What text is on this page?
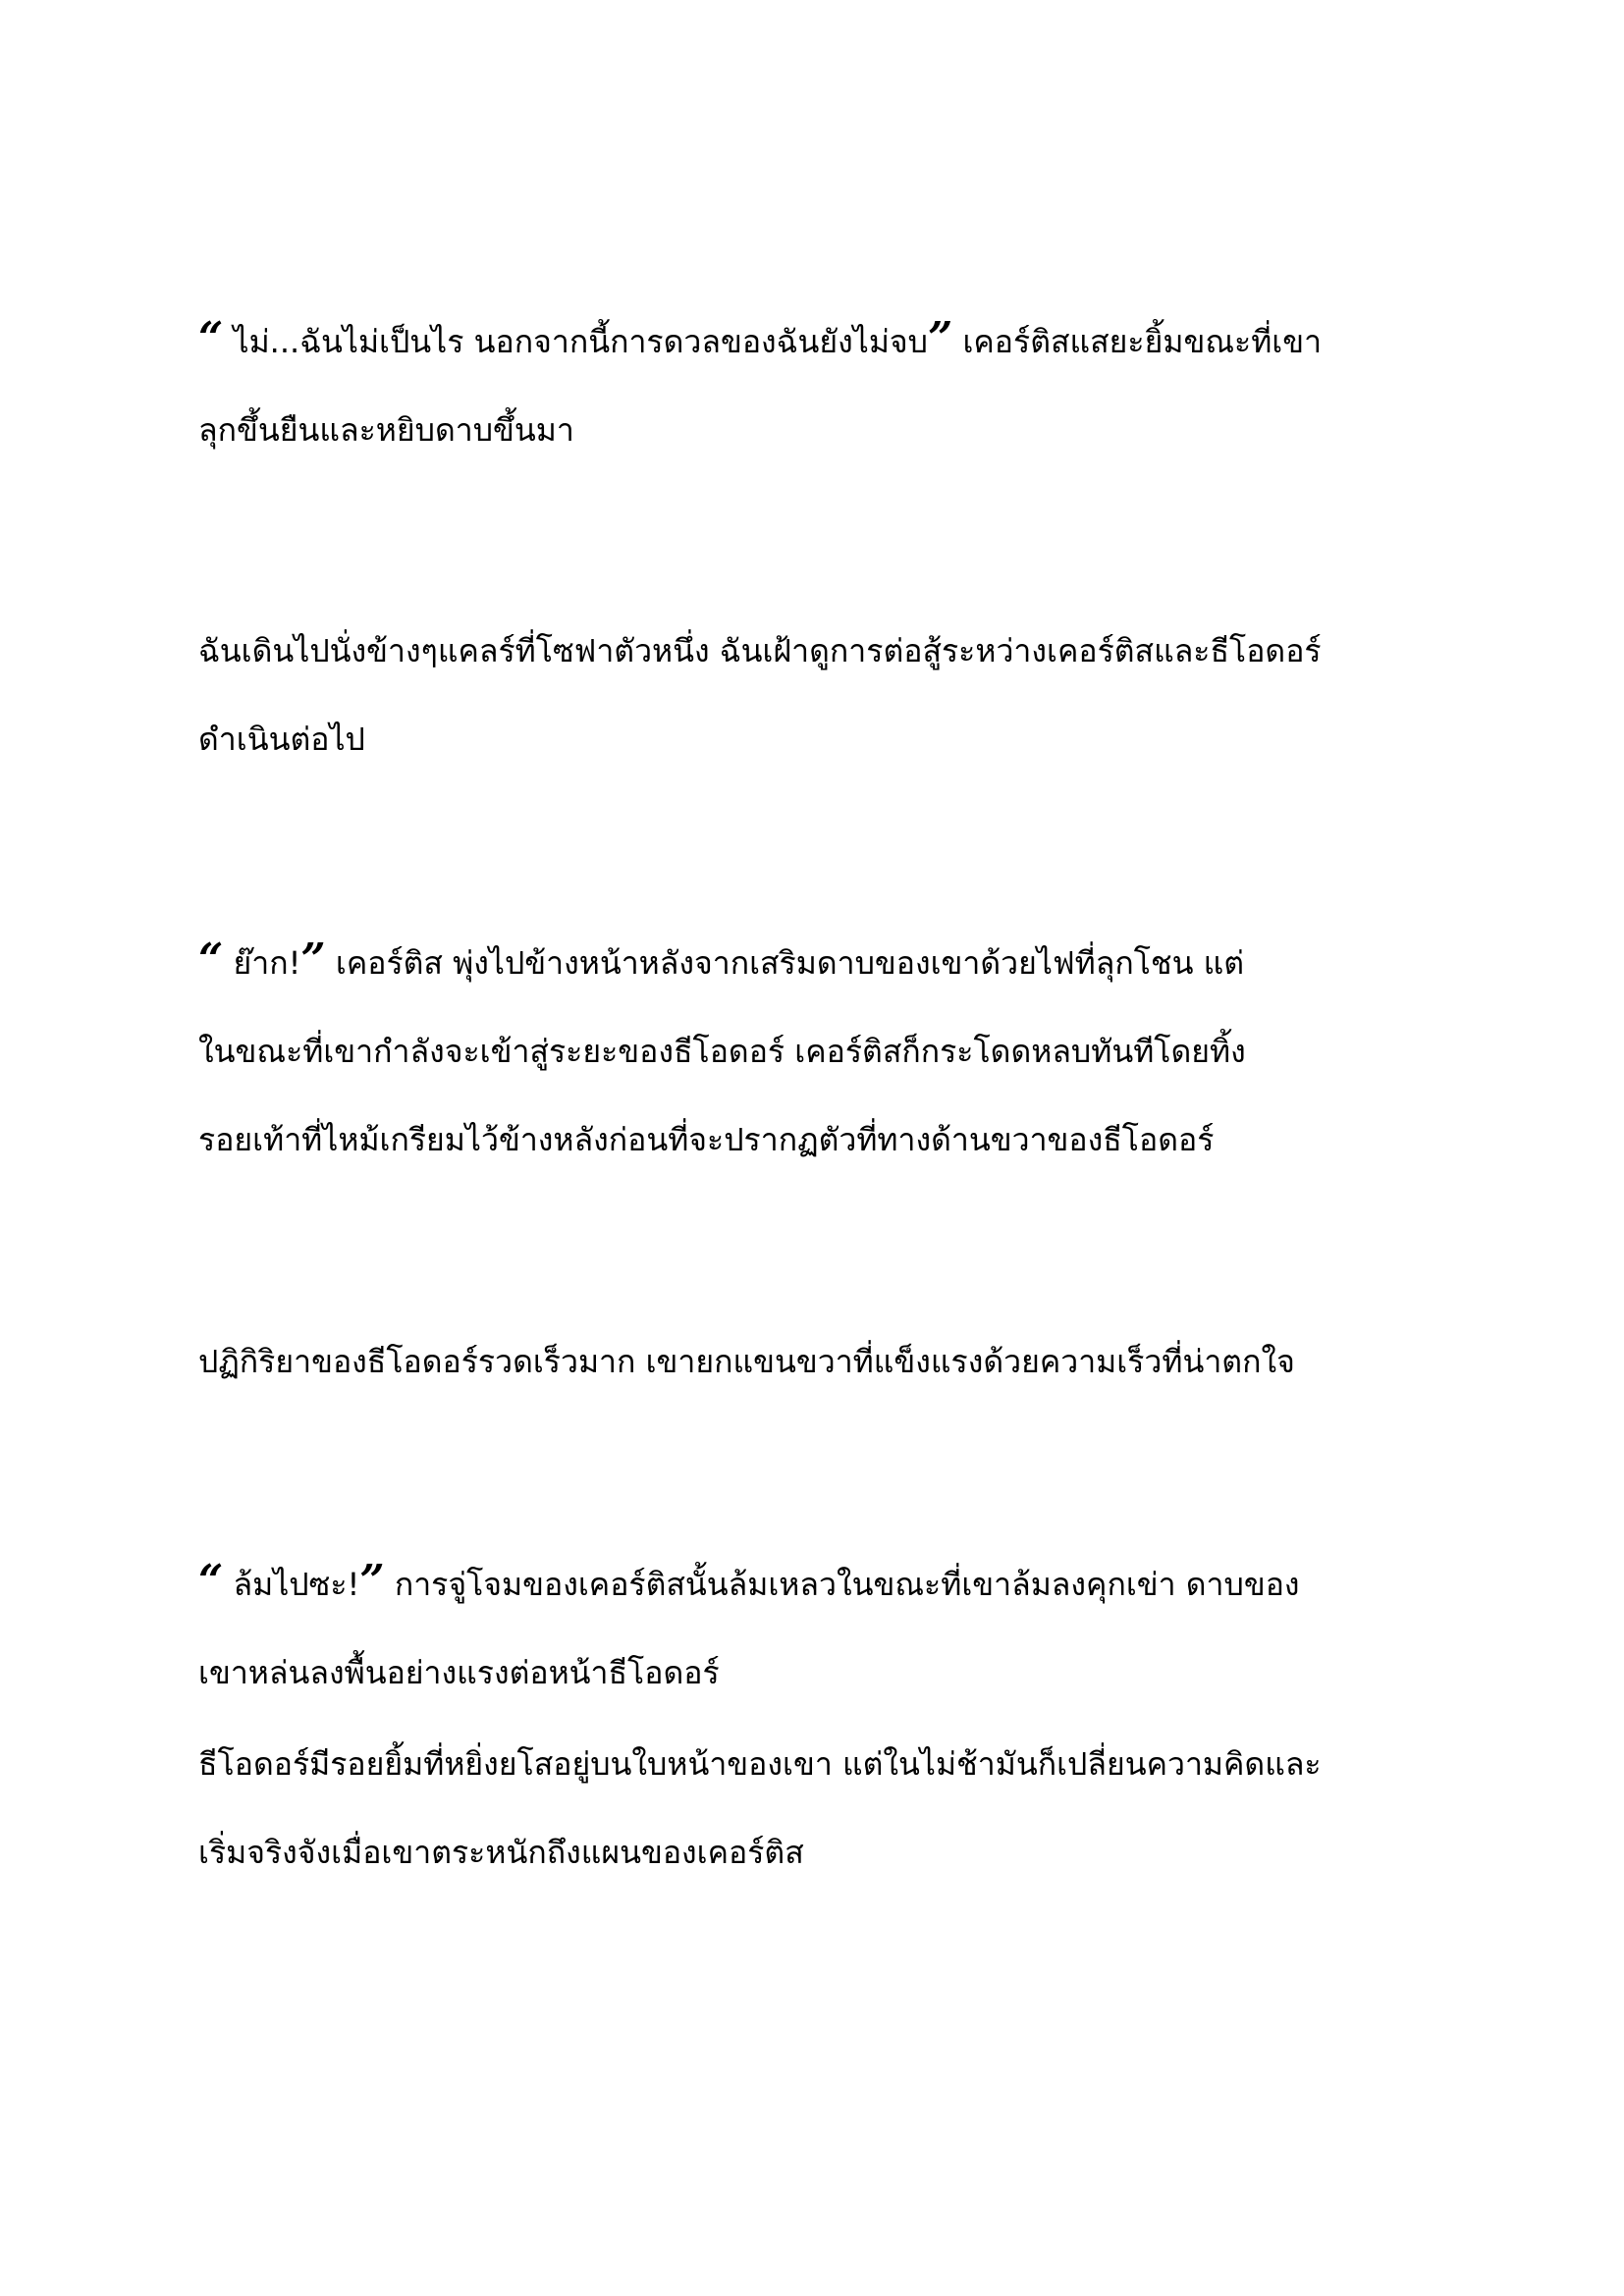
“ ไม่...ฉันไม่เป็นไร นอกจากนี้การดวลของฉันยังไม่จบ” เคอร์ติสแสยะยิ้มขณะที่เขา
ลุกขึ้นยืนและหยิบดาบขึ้นมา

ฉันเดินไปนั่งข้างๆแคลร์ที่โซฟาตัวหนึ่ง ฉันเฝ้าดูการต่อสู้ระหว่างเคอร์ติสและธีโอดอร์
ดำเนินต่อไป

“ ย๊าก!” เคอร์ติส พุ่งไปข้างหน้าหลังจากเสริมดาบของเขาด้วยไฟที่ลุกโชน แต่
ในขณะที่เขากำลังจะเข้าสู่ระยะของธีโอดอร์ เคอร์ติสก็กระโดดหลบทันทีโดยทิ้ง
รอยเท้าที่ไหม้เกรียมไว้ข้างหลังก่อนที่จะปรากฏตัวที่ทางด้านขวาของธีโอดอร์

ปฏิกิริยาของธีโอดอร์รวดเร็วมาก เขายกแขนขวาที่แข็งแรงด้วยความเร็วที่น่าตกใจ

“ ล้มไปซะ!” การจู่โจมของเคอร์ติสนั้นล้มเหลวในขณะที่เขาล้มลงคุกเข่า ดาบของ
เขาหล่นลงพื้นอย่างแรงต่อหน้าธีโอดอร์

ธีโอดอร์มีรอยยิ้มที่หยิ่งยโสอยู่บนใบหน้าของเขา แต่ในไม่ช้ามันก็เปลี่ยนความคิดและ
เริ่มจริงจังเมื่อเขาตระหนักถึงแผนของเคอร์ติส
